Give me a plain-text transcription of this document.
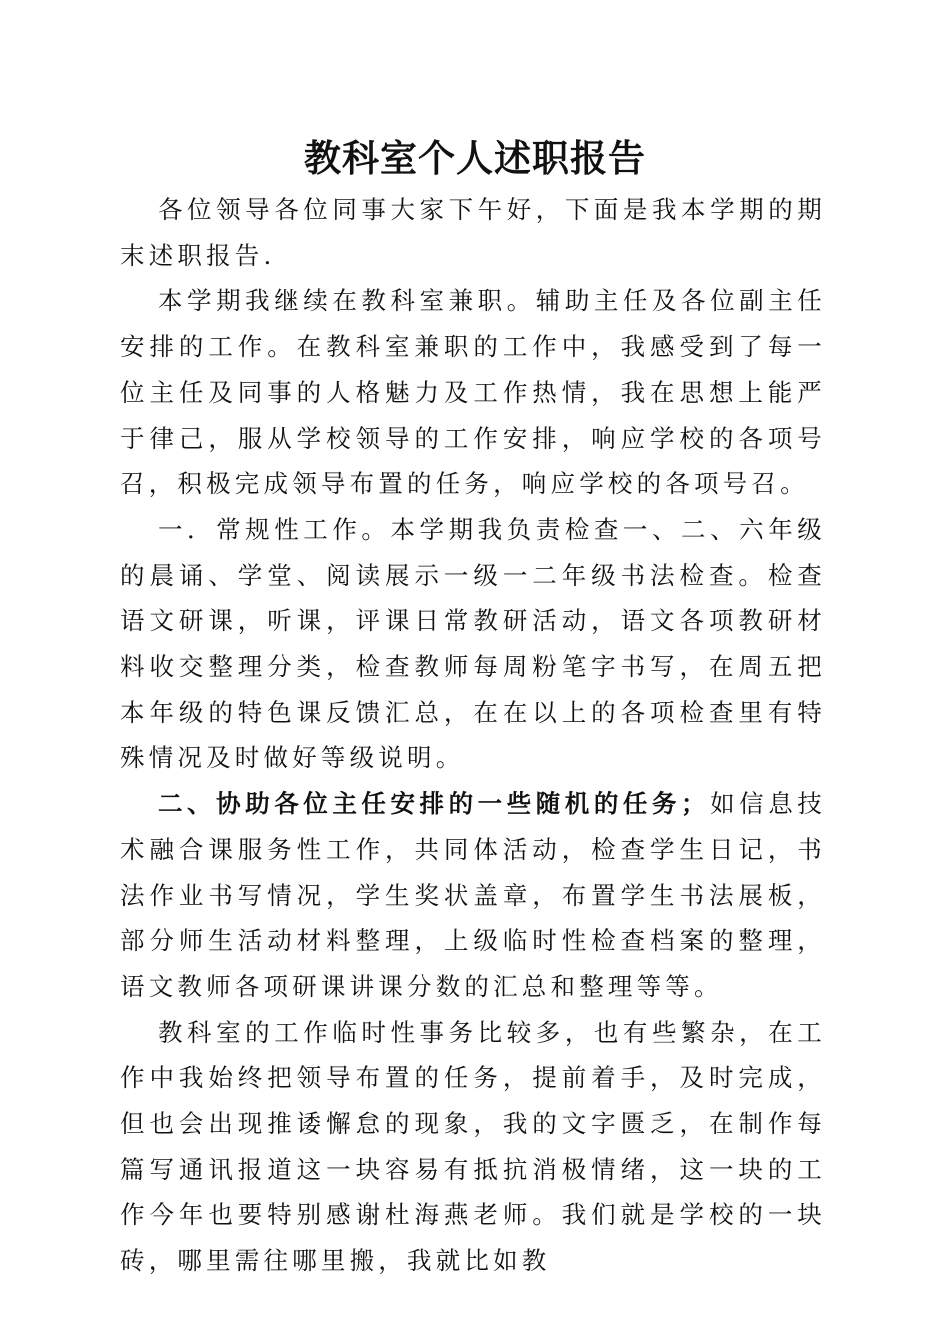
教科室个人述职报告

各位领导各位同事大家下午好，下面是我本学期的期末述职报告.

本学期我继续在教科室兼职。辅助主任及各位副主任安排的工作。在教科室兼职的工作中，我感受到了每一位主任及同事的人格魅力及工作热情，我在思想上能严于律己，服从学校领导的工作安排，响应学校的各项号召，积极完成领导布置的任务，响应学校的各项号召。

一．常规性工作。本学期我负责检查一、二、六年级的晨诵、学堂、阅读展示一级一二年级书法检查。检查语文研课，听课，评课日常教研活动，语文各项教研材料收交整理分类，检查教师每周粉笔字书写，在周五把本年级的特色课反馈汇总，在在以上的各项检查里有特殊情况及时做好等级说明。

二、协助各位主任安排的一些随机的任务；如信息技术融合课服务性工作，共同体活动，检查学生日记，书法作业书写情况，学生奖状盖章，布置学生书法展板，部分师生活动材料整理，上级临时性检查档案的整理，语文教师各项研课讲课分数的汇总和整理等等。

教科室的工作临时性事务比较多，也有些繁杂，在工作中我始终把领导布置的任务，提前着手，及时完成，但也会出现推诿懈怠的现象，我的文字匮乏，在制作每篇写通讯报道这一块容易有抵抗消极情绪，这一块的工作今年也要特别感谢杜海燕老师。我们就是学校的一块砖，哪里需往哪里搬，我就比如教
